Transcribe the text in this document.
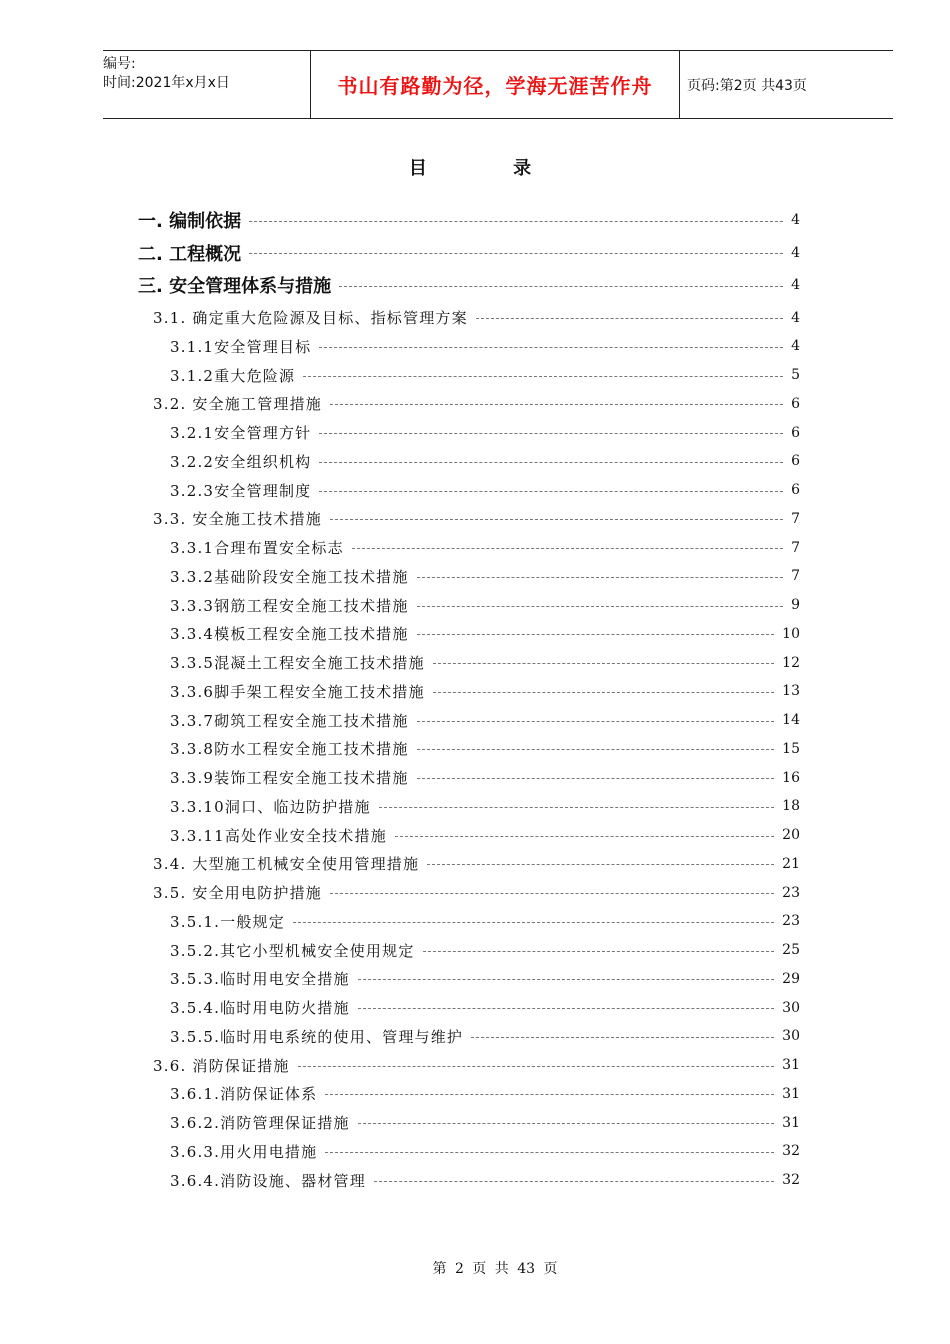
编号:
时间:2021年x月x日	书山有路勤为径，学海无涯苦作舟	页码:第2页 共43页
目 录
一. 编制依据	4
二. 工程概况	4
三. 安全管理体系与措施	4
3.1. 确定重大危险源及目标、指标管理方案	4
3.1.1安全管理目标	4
3.1.2重大危险源	5
3.2. 安全施工管理措施	6
3.2.1安全管理方针	6
3.2.2安全组织机构	6
3.2.3安全管理制度	6
3.3. 安全施工技术措施	7
3.3.1合理布置安全标志	7
3.3.2基础阶段安全施工技术措施	7
3.3.3钢筋工程安全施工技术措施	9
3.3.4模板工程安全施工技术措施	10
3.3.5混凝土工程安全施工技术措施	12
3.3.6脚手架工程安全施工技术措施	13
3.3.7砌筑工程安全施工技术措施	14
3.3.8防水工程安全施工技术措施	15
3.3.9装饰工程安全施工技术措施	16
3.3.10洞口、临边防护措施	18
3.3.11高处作业安全技术措施	20
3.4. 大型施工机械安全使用管理措施	21
3.5. 安全用电防护措施	23
3.5.1.一般规定	23
3.5.2.其它小型机械安全使用规定	25
3.5.3.临时用电安全措施	29
3.5.4.临时用电防火措施	30
3.5.5.临时用电系统的使用、管理与维护	30
3.6. 消防保证措施	31
3.6.1.消防保证体系	31
3.6.2.消防管理保证措施	31
3.6.3.用火用电措施	32
3.6.4.消防设施、器材管理	32
第 2 页 共 43 页
